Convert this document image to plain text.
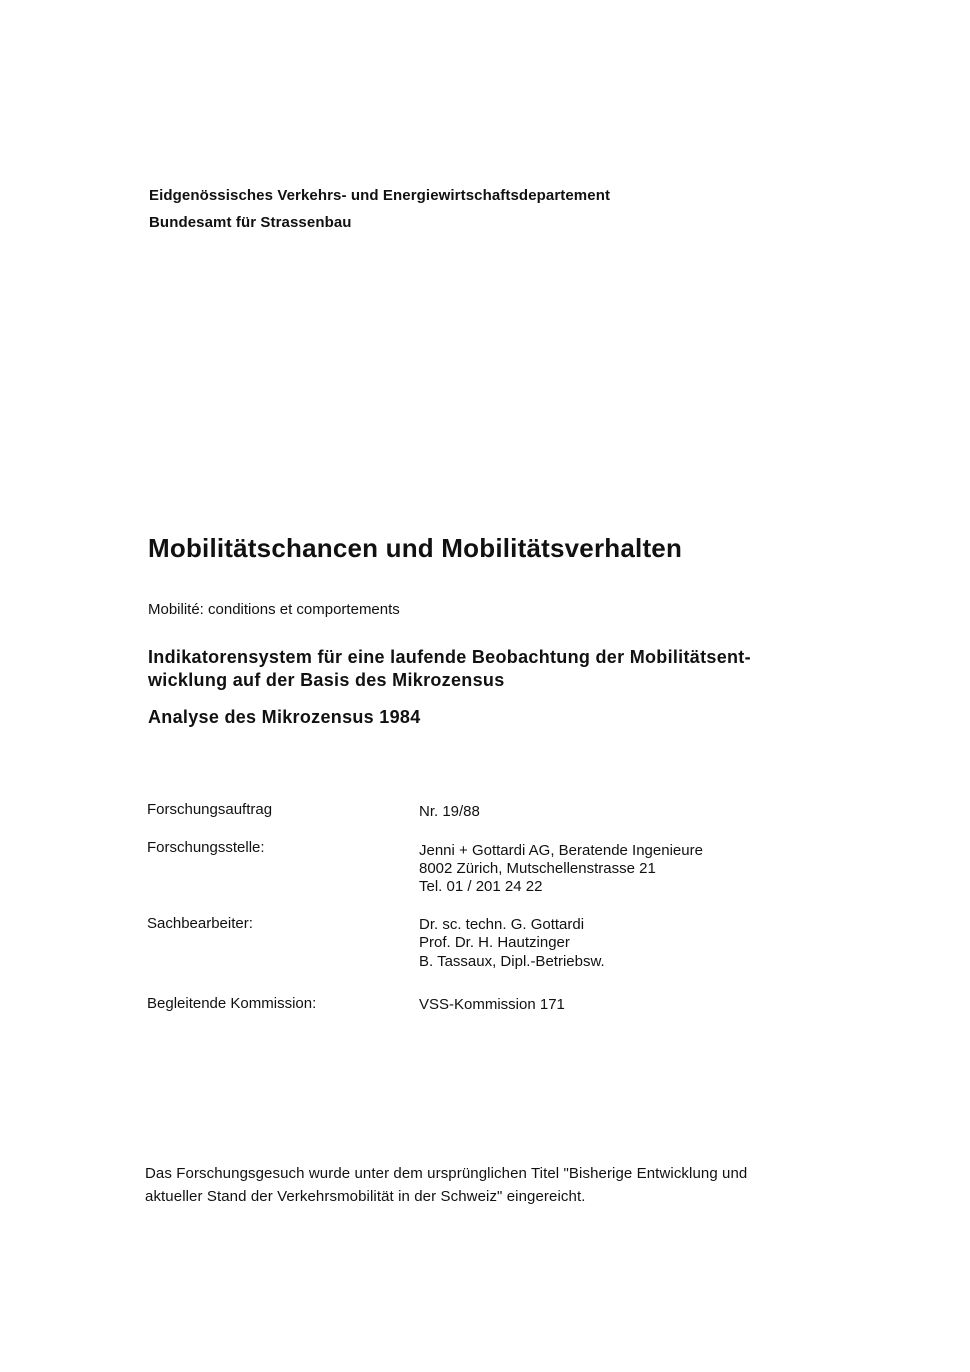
Eidgenössisches Verkehrs- und Energiewirtschaftsdepartement
Bundesamt für Strassenbau
Mobilitätschancen und Mobilitätsverhalten
Mobilité: conditions et comportements
Indikatorensystem für eine laufende Beobachtung der Mobilitätsent-
wicklung auf der Basis des Mikrozensus
Analyse des Mikrozensus 1984
Forschungsauftrag	Nr. 19/88
Forschungsstelle:	Jenni + Gottardi AG, Beratende Ingenieure
8002 Zürich, Mutschellenstrasse 21
Tel. 01 / 201 24 22
Sachbearbeiter:	Dr. sc. techn. G. Gottardi
Prof. Dr. H. Hautzinger
B. Tassaux, Dipl.-Betriebsw.
Begleitende Kommission:	VSS-Kommission 171
Das Forschungsgesuch wurde unter dem ursprünglichen Titel "Bisherige Entwicklung und
aktueller Stand der Verkehrsmobilität in der Schweiz" eingereicht.
